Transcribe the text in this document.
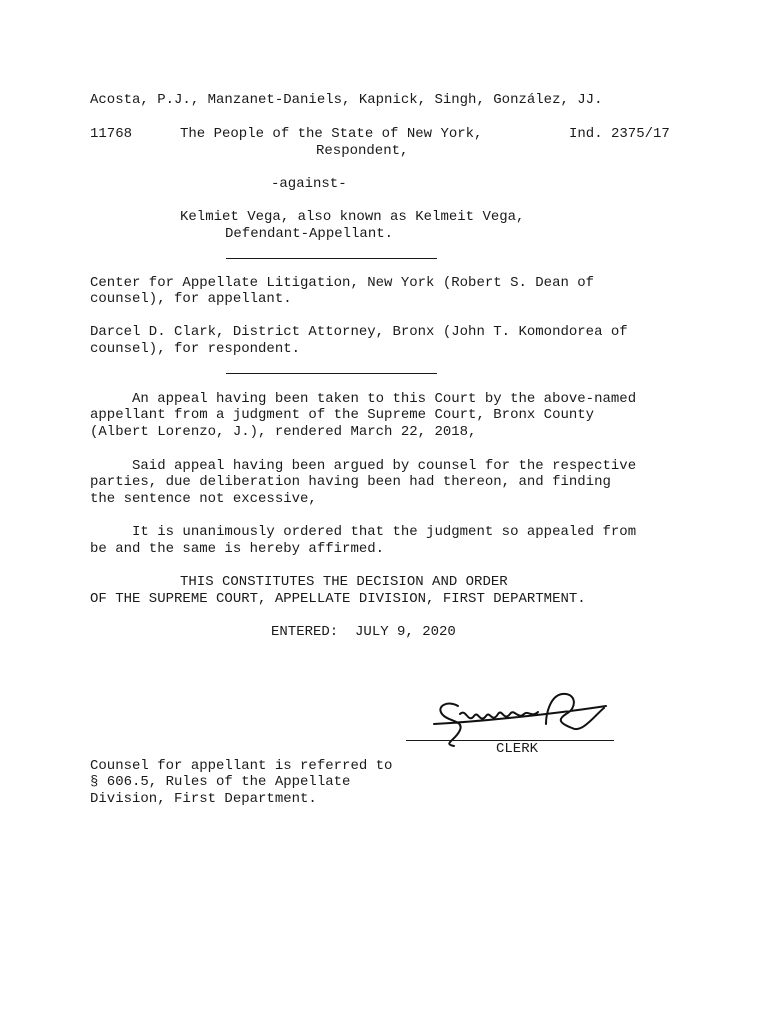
Acosta, P.J., Manzanet-Daniels, Kapnick, Singh, González, JJ.
11768	The People of the State of New York,	Ind. 2375/17
Respondent,
-against-
Kelmiet Vega, also known as Kelmeit Vega,
Defendant-Appellant.
Center for Appellate Litigation, New York (Robert S. Dean of
counsel), for appellant.
Darcel D. Clark, District Attorney, Bronx (John T. Komondorea of
counsel), for respondent.
An appeal having been taken to this Court by the above-named
appellant from a judgment of the Supreme Court, Bronx County
(Albert Lorenzo, J.), rendered March 22, 2018,
Said appeal having been argued by counsel for the respective
parties, due deliberation having been had thereon, and finding
the sentence not excessive,
It is unanimously ordered that the judgment so appealed from
be and the same is hereby affirmed.
THIS CONSTITUTES THE DECISION AND ORDER
OF THE SUPREME COURT, APPELLATE DIVISION, FIRST DEPARTMENT.
ENTERED:  JULY 9, 2020
CLERK
Counsel for appellant is referred to
§ 606.5, Rules of the Appellate
Division, First Department.
